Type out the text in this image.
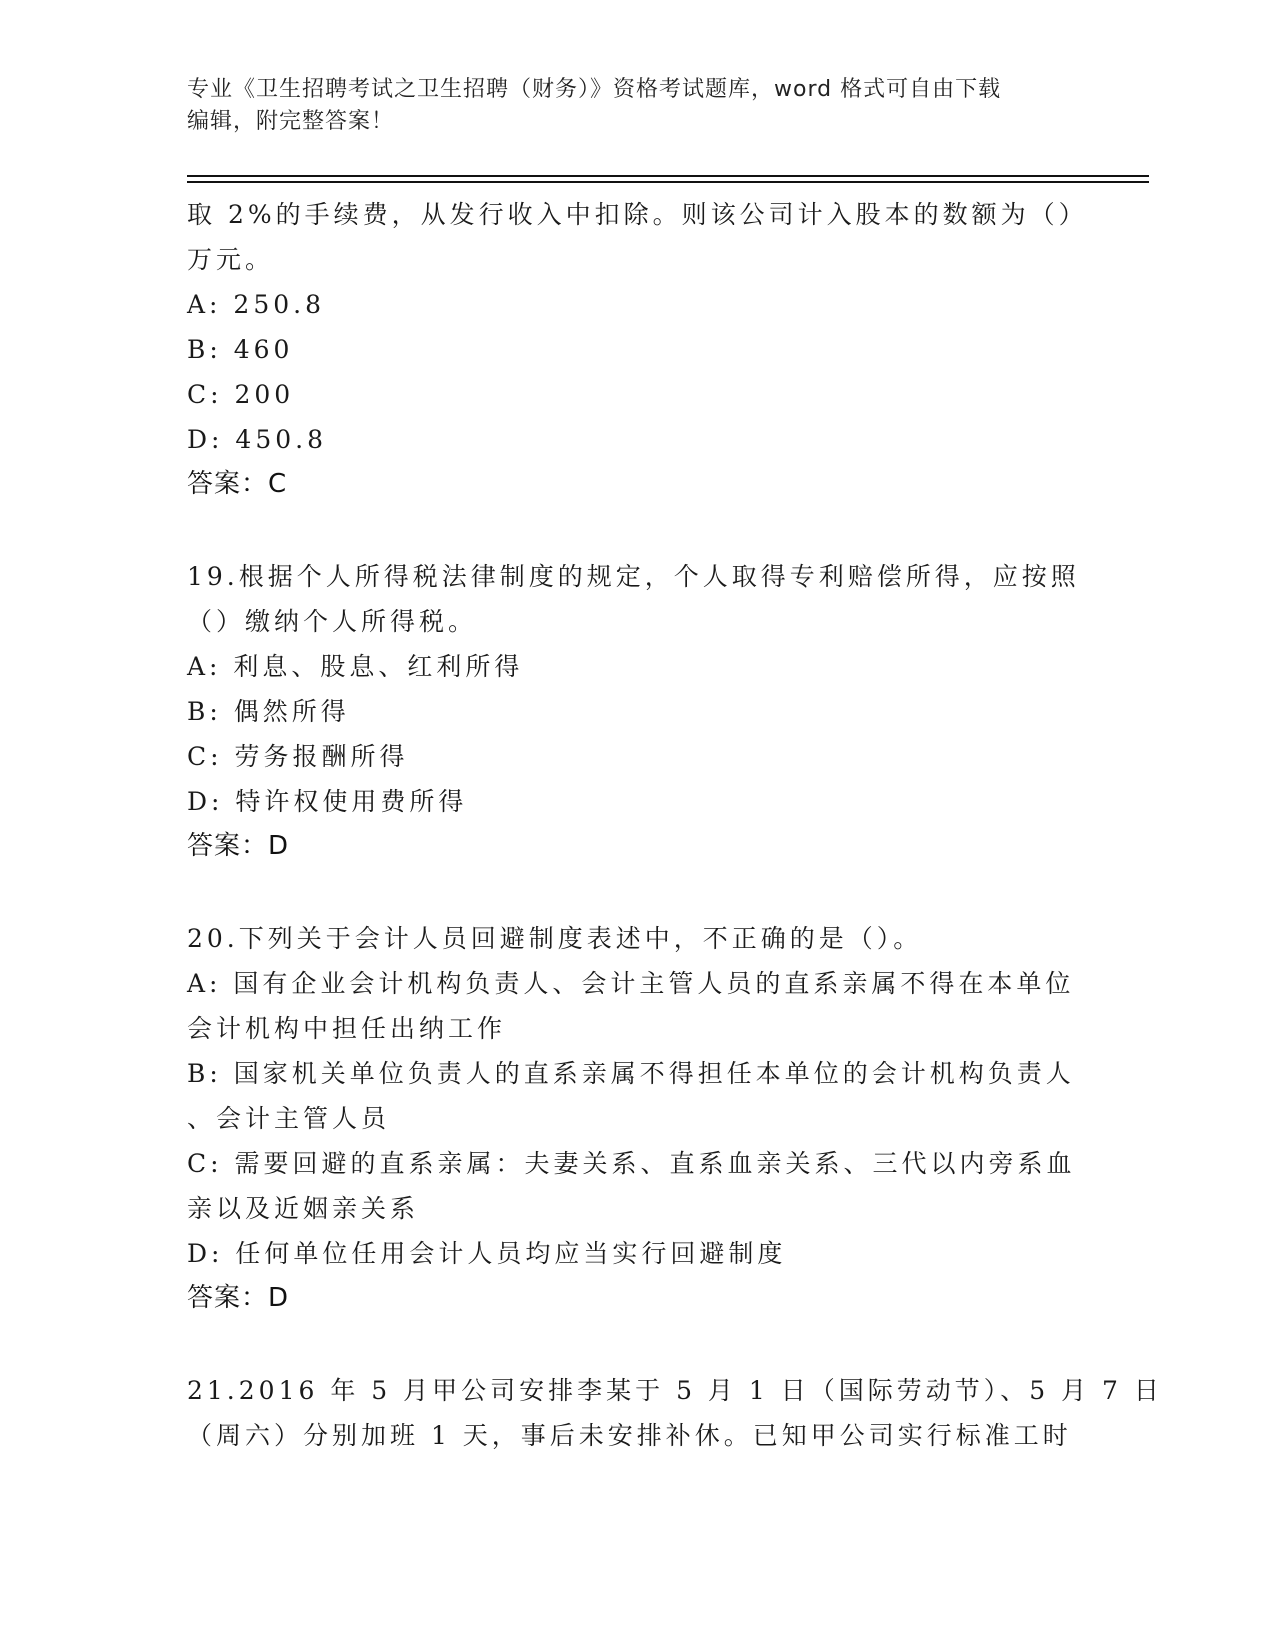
专业《卫生招聘考试之卫生招聘（财务）》资格考试题库，word 格式可自由下载
编辑，附完整答案！
取 2%的手续费，从发行收入中扣除。则该公司计入股本的数额为（）
万元。
A: 250.8
B: 460
C: 200
D: 450.8
答案：C
19.根据个人所得税法律制度的规定，个人取得专利赔偿所得，应按照
（）缴纳个人所得税。
A: 利息、股息、红利所得
B: 偶然所得
C: 劳务报酬所得
D: 特许权使用费所得
答案：D
20.下列关于会计人员回避制度表述中，不正确的是（）。
A: 国有企业会计机构负责人、会计主管人员的直系亲属不得在本单位
会计机构中担任出纳工作
B: 国家机关单位负责人的直系亲属不得担任本单位的会计机构负责人
、会计主管人员
C: 需要回避的直系亲属：夫妻关系、直系血亲关系、三代以内旁系血
亲以及近姻亲关系
D: 任何单位任用会计人员均应当实行回避制度
答案：D
21.2016 年 5 月甲公司安排李某于 5 月 1 日（国际劳动节）、5 月 7 日
（周六）分别加班 1 天，事后未安排补休。已知甲公司实行标准工时
